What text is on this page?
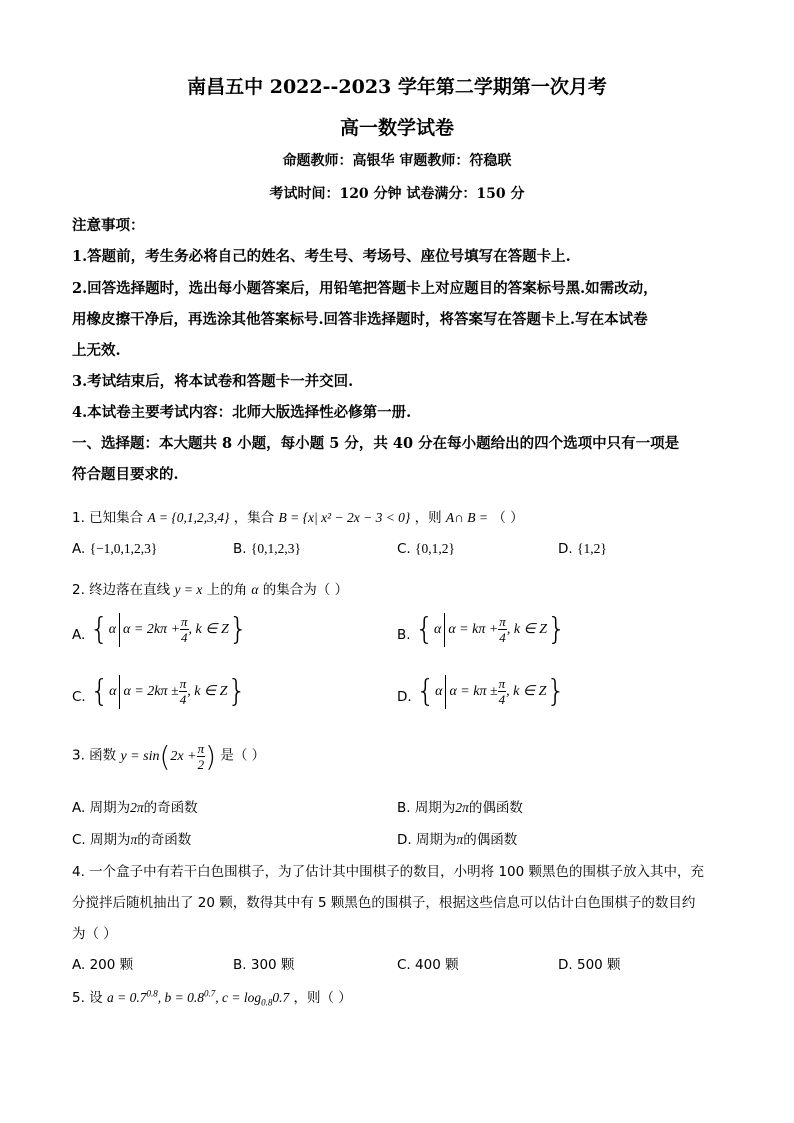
南昌五中 2022--2023 学年第二学期第一次月考
高一数学试卷
命题教师：高银华 审题教师：符稳联
考试时间：120 分钟 试卷满分：150 分
注意事项：
1.答题前，考生务必将自己的姓名、考生号、考场号、座位号填写在答题卡上.
2.回答选择题时，选出每小题答案后，用铅笔把答题卡上对应题目的答案标号黑.如需改动，
用橡皮擦干净后，再选涂其他答案标号.回答非选择题时，将答案写在答题卡上.写在本试卷
上无效.
3.考试结束后，将本试卷和答题卡一并交回.
4.本试卷主要考试内容：北师大版选择性必修第一册.
一、选择题：本大题共 8 小题，每小题 5 分，共 40 分在每小题给出的四个选项中只有一项是
符合题目要求的.
1. 已知集合 A = {0,1,2,3,4} ，集合 B = {x| x² − 2x − 3 < 0} ，则 A∩ B = （ ）
A. {−1,0,1,2,3}	B. {0,1,2,3}	C. {0,1,2}	D. {1,2}
2. 终边落在直线 y = x 上的角 α 的集合为（ ）
A. { α $\alpha = 2k\pi + \frac{\pi}{4}$ , k ∈ Z }	B. { α $\alpha = k\pi + \frac{\pi}{4}$ , k ∈ Z }
C. { α $\alpha = 2k\pi \pm \frac{\pi}{4}$ , k ∈ Z }	D. { α $\alpha = k\pi \pm \frac{\pi}{4}$ , k ∈ Z }
3. 函数 y = sin ( $2x + \frac{\pi}{2}$ ) 是（ ）
A. 周期为2π的奇函数	B. 周期为2π的偶函数
C. 周期为π的奇函数	D. 周期为π的偶函数
4. 一个盒子中有若干白色围棋子，为了估计其中围棋子的数目，小明将 100 颗黑色的围棋子放入其中，充
分搅拌后随机抽出了 20 颗，数得其中有 5 颗黑色的围棋子，根据这些信息可以估计白色围棋子的数目约
为（ ）
A. 200 颗	B. 300 颗	C. 400 颗	D. 500 颗
5. 设 $a = 0.7^{0.8}$, $b = 0.8^{0.7}$, $c = \log_{0.8}0.7$ ，则（ ）
